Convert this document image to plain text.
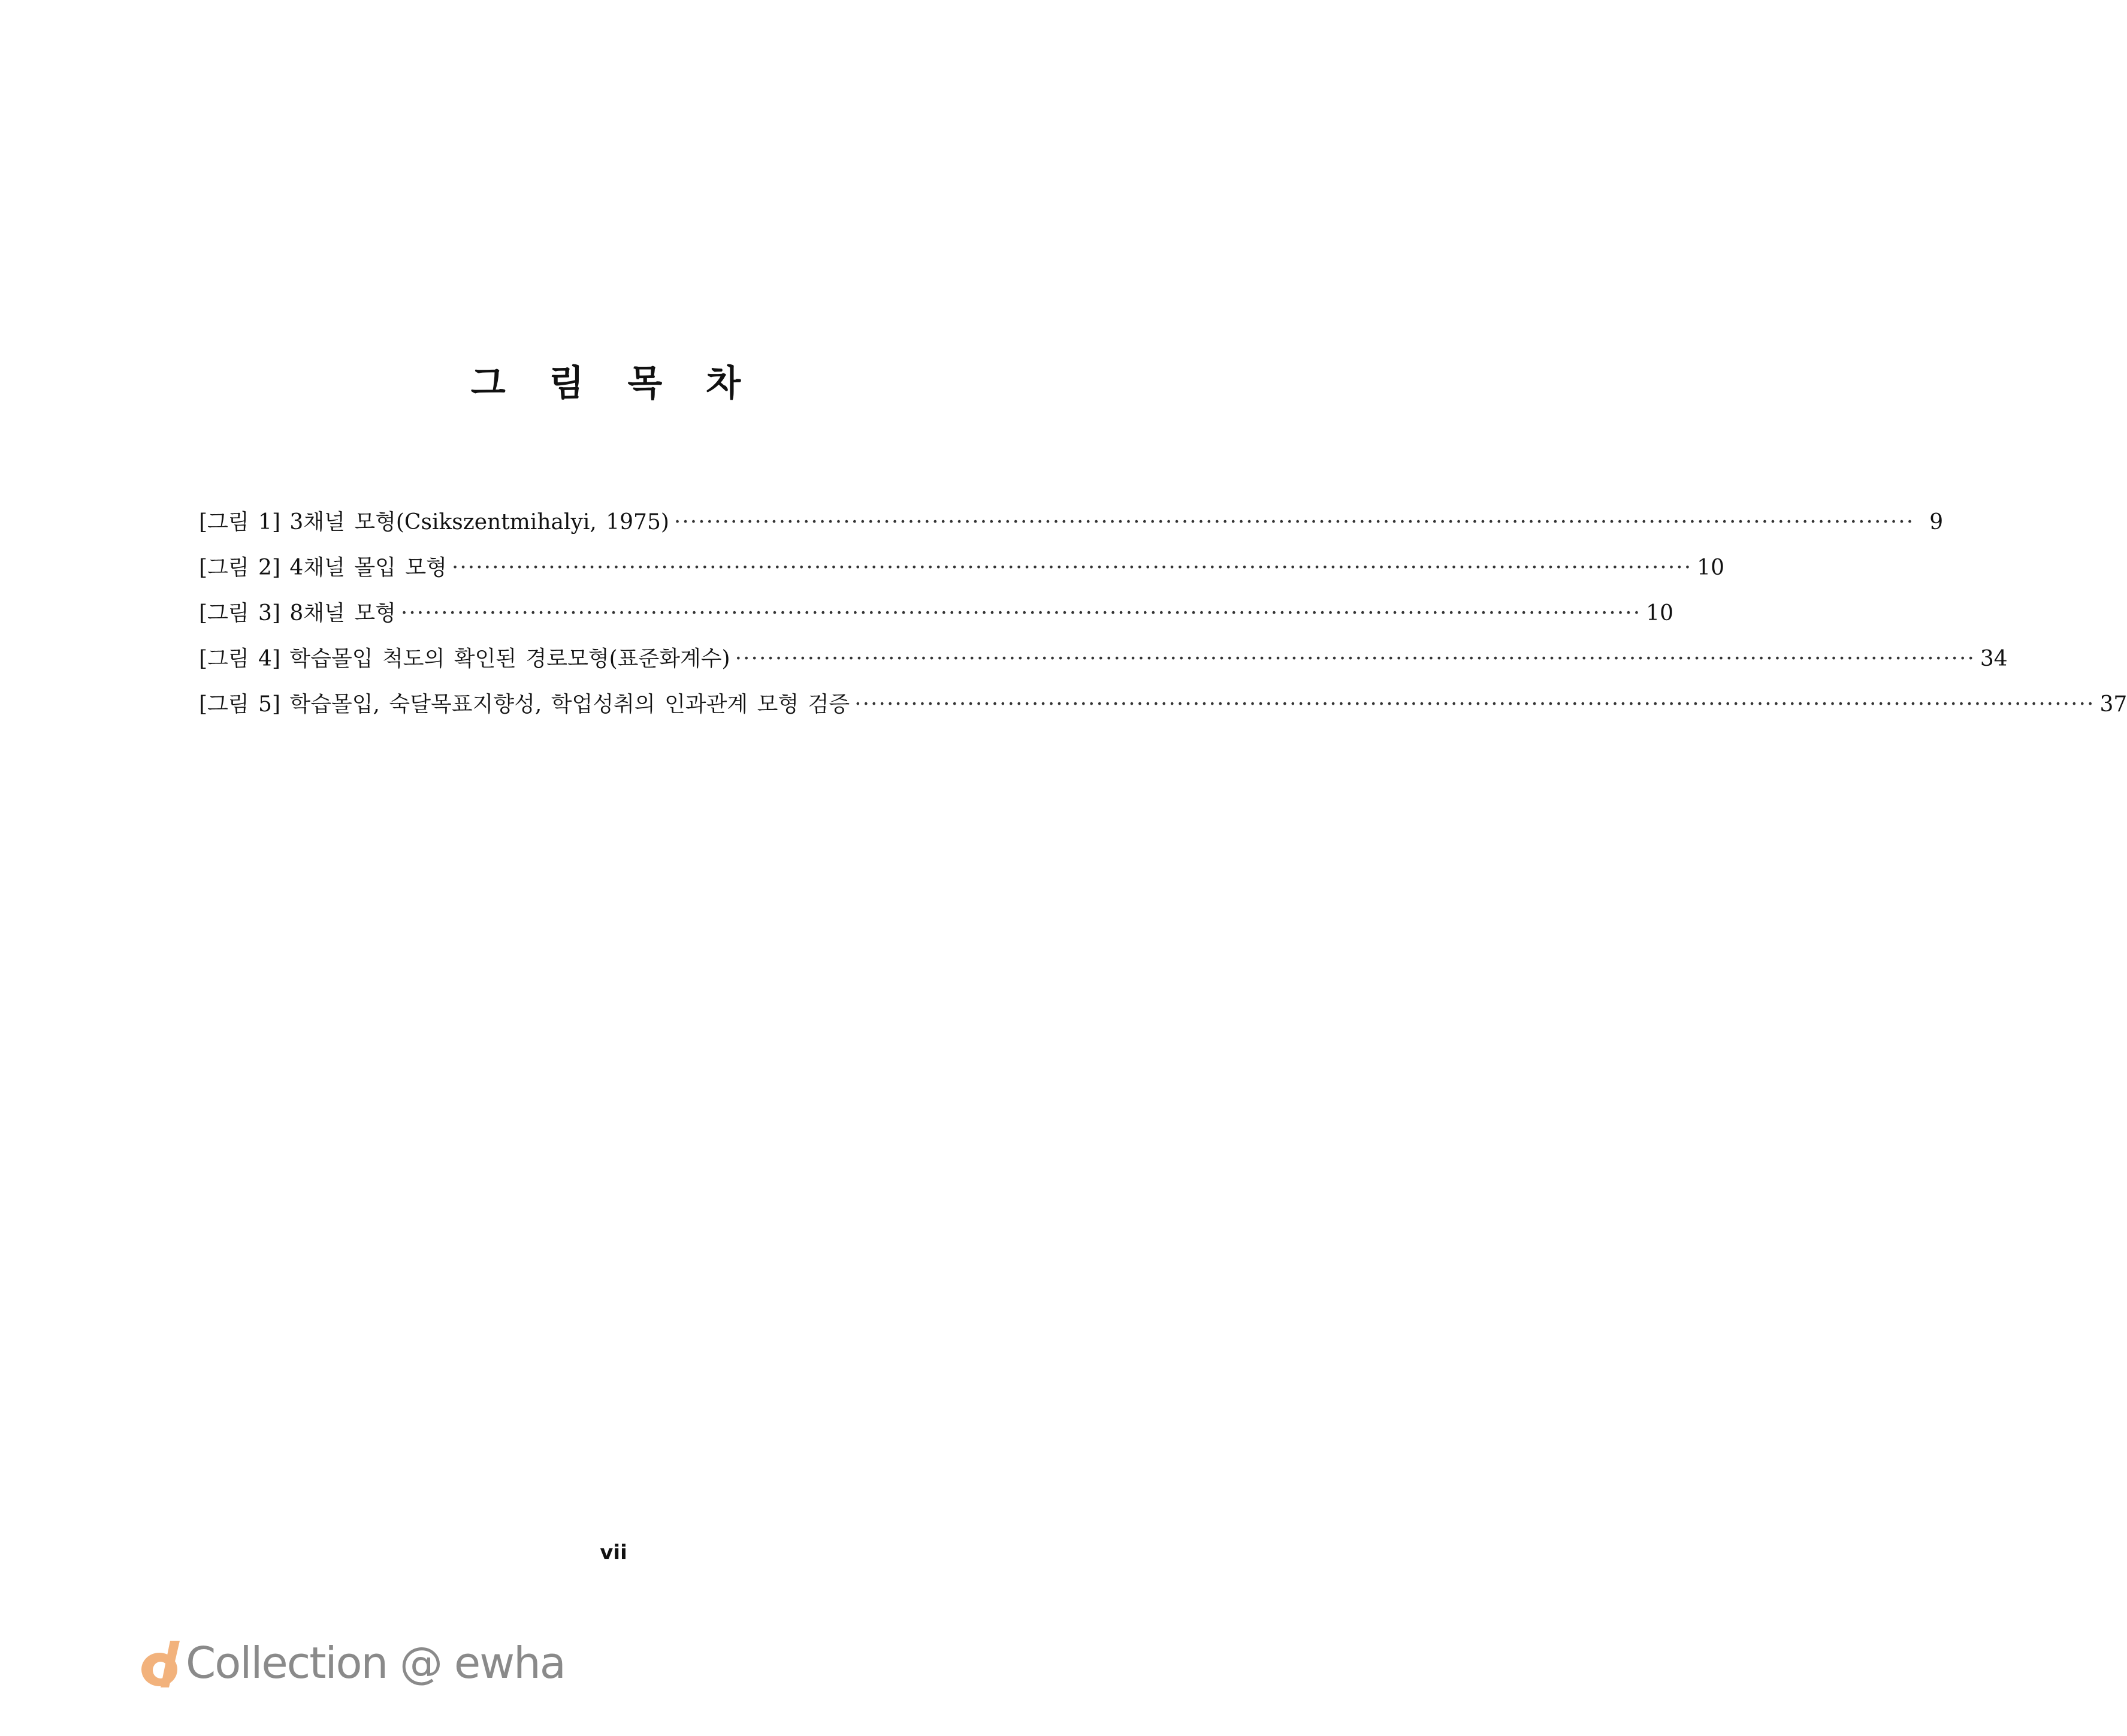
그 림 목 차
[그림 1] 3채널 모형(Csikszentmihalyi, 1975) ·························································································································································· 9
[그림 2] 4채널 몰입 모형 ·························································································································································· 10
[그림 3] 8채널 모형 ·························································································································································· 10
[그림 4] 학습몰입 척도의 확인된 경로모형(표준화계수) ·························································································································································· 34
[그림 5] 학습몰입, 숙달목표지향성, 학업성취의 인과관계 모형 검증 ·························································································································································· 37
vii
Collection @ ewha
